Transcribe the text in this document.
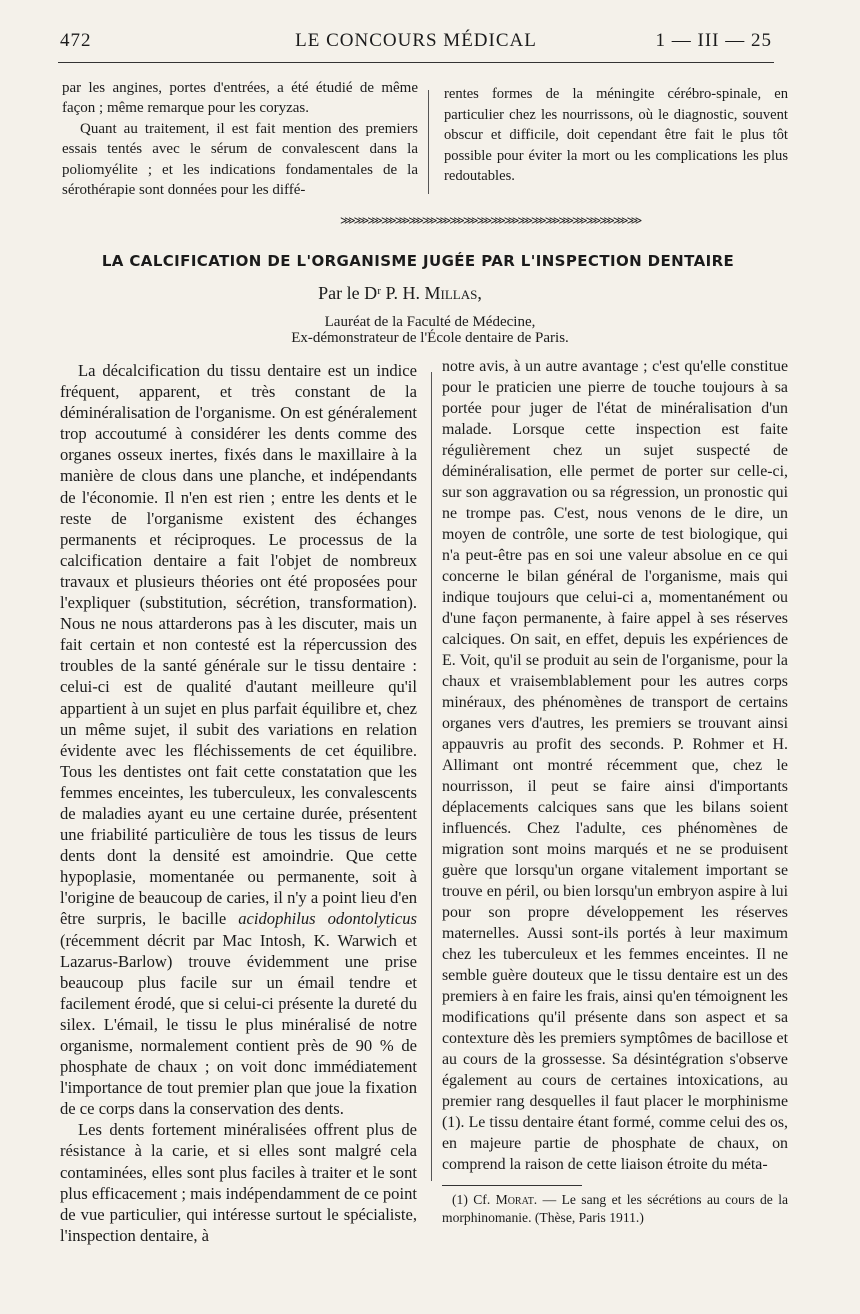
472	LE CONCOURS MÉDICAL	1 — III — 25

par les angines, portes d'entrées, a été étudié de même façon ; même remarque pour les coryzas.

Quant au traitement, il est fait mention des premiers essais tentés avec le sérum de convalescent dans la poliomyélite ; et les indications fondamentales de la sérothérapie sont données pour les diffé-

rentes formes de la méningite cérébro-spinale, en particulier chez les nourrissons, où le diagnostic, souvent obscur et difficile, doit cependant être fait le plus tôt possible pour éviter la mort ou les complications les plus redoutables.

⋙⋙⋙⋙⋙⋙⋙⋙⋙⋙⋙⋙⋙⋙⋙⋙⋙⋙⋙⋙⋙⋙
LA CALCIFICATION DE L'ORGANISME JUGÉE PAR L'INSPECTION DENTAIRE
Par le Dʳ P. H. Millas,
Lauréat de la Faculté de Médecine,
Ex-démonstrateur de l'École dentaire de Paris.

La décalcification du tissu dentaire est un indice fréquent, apparent, et très constant de la déminéralisation de l'organisme. On est généralement trop accoutumé à considérer les dents comme des organes osseux inertes, fixés dans le maxillaire à la manière de clous dans une planche, et indépendants de l'économie. Il n'en est rien ; entre les dents et le reste de l'organisme existent des échanges permanents et réciproques. Le processus de la calcification dentaire a fait l'objet de nombreux travaux et plusieurs théories ont été proposées pour l'expliquer (substitution, sécrétion, transformation). Nous ne nous attarderons pas à les discuter, mais un fait certain et non contesté est la répercussion des troubles de la santé générale sur le tissu dentaire : celui-ci est de qualité d'autant meilleure qu'il appartient à un sujet en plus parfait équilibre et, chez un même sujet, il subit des variations en relation évidente avec les fléchissements de cet équilibre. Tous les dentistes ont fait cette constatation que les femmes enceintes, les tuberculeux, les convalescents de maladies ayant eu une certaine durée, présentent une friabilité particulière de tous les tissus de leurs dents dont la densité est amoindrie. Que cette hypoplasie, momentanée ou permanente, soit à l'origine de beaucoup de caries, il n'y a point lieu d'en être surpris, le bacille acidophilus odontolyticus (récemment décrit par Mac Intosh, K. Warwich et Lazarus-Barlow) trouve évidemment une prise beaucoup plus facile sur un émail tendre et facilement érodé, que si celui-ci présente la dureté du silex. L'émail, le tissu le plus minéralisé de notre organisme, normalement contient près de 90 % de phosphate de chaux ; on voit donc immédiatement l'importance de tout premier plan que joue la fixation de ce corps dans la conservation des dents.

Les dents fortement minéralisées offrent plus de résistance à la carie, et si elles sont malgré cela contaminées, elles sont plus faciles à traiter et le sont plus efficacement ; mais indépendamment de ce point de vue particulier, qui intéresse surtout le spécialiste, l'inspection dentaire, à

notre avis, à un autre avantage ; c'est qu'elle constitue pour le praticien une pierre de touche toujours à sa portée pour juger de l'état de minéralisation d'un malade. Lorsque cette inspection est faite régulièrement chez un sujet suspecté de déminéralisation, elle permet de porter sur celle-ci, sur son aggravation ou sa régression, un pronostic qui ne trompe pas. C'est, nous venons de le dire, un moyen de contrôle, une sorte de test biologique, qui n'a peut-être pas en soi une valeur absolue en ce qui concerne le bilan général de l'organisme, mais qui indique toujours que celui-ci a, momentanément ou d'une façon permanente, à faire appel à ses réserves calciques. On sait, en effet, depuis les expériences de E. Voit, qu'il se produit au sein de l'organisme, pour la chaux et vraisemblablement pour les autres corps minéraux, des phénomènes de transport de certains organes vers d'autres, les premiers se trouvant ainsi appauvris au profit des seconds. P. Rohmer et H. Allimant ont montré récemment que, chez le nourrisson, il peut se faire ainsi d'importants déplacements calciques sans que les bilans soient influencés. Chez l'adulte, ces phénomènes de migration sont moins marqués et ne se produisent guère que lorsqu'un organe vitalement important se trouve en péril, ou bien lorsqu'un embryon aspire à lui pour son propre développement les réserves maternelles. Aussi sont-ils portés à leur maximum chez les tuberculeux et les femmes enceintes. Il ne semble guère douteux que le tissu dentaire est un des premiers à en faire les frais, ainsi qu'en témoignent les modifications qu'il présente dans son aspect et sa contexture dès les premiers symptômes de bacillose et au cours de la grossesse. Sa désintégration s'observe également au cours de certaines intoxications, au premier rang desquelles il faut placer le morphinisme (1). Le tissu dentaire étant formé, comme celui des os, en majeure partie de phosphate de chaux, on comprend la raison de cette liaison étroite du méta-

(1) Cf. Morat. — Le sang et les sécrétions au cours de la morphinomanie. (Thèse, Paris 1911.)
